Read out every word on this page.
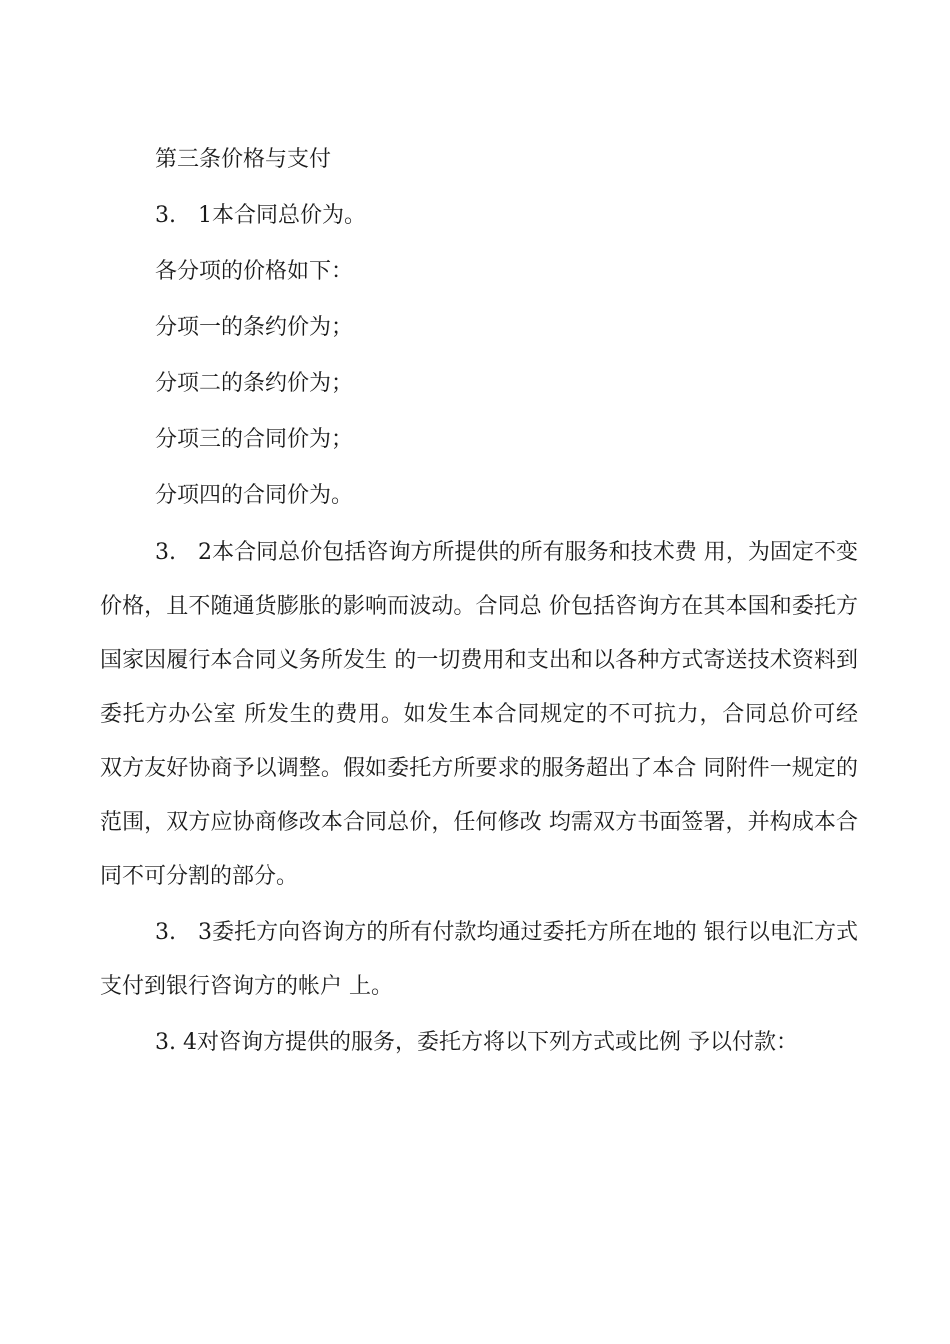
第三条价格与支付

3.　1本合同总价为。

各分项的价格如下：

分项一的条约价为；

分项二的条约价为；

分项三的合同价为；

分项四的合同价为。

3.　2本合同总价包括咨询方所提供的所有服务和技术费 用，为固定不变价格，且不随通货膨胀的影响而波动。合同总 价包括咨询方在其本国和委托方国家因履行本合同义务所发生 的一切费用和支出和以各种方式寄送技术资料到委托方办公室 所发生的费用。如发生本合同规定的不可抗力，合同总价可经 双方友好协商予以调整。假如委托方所要求的服务超出了本合 同附件一规定的范围，双方应协商修改本合同总价，任何修改 均需双方书面签署，并构成本合同不可分割的部分。

3.　3委托方向咨询方的所有付款均通过委托方所在地的 银行以电汇方式支付到银行咨询方的帐户 上。

3. 4对咨询方提供的服务，委托方将以下列方式或比例 予以付款：
